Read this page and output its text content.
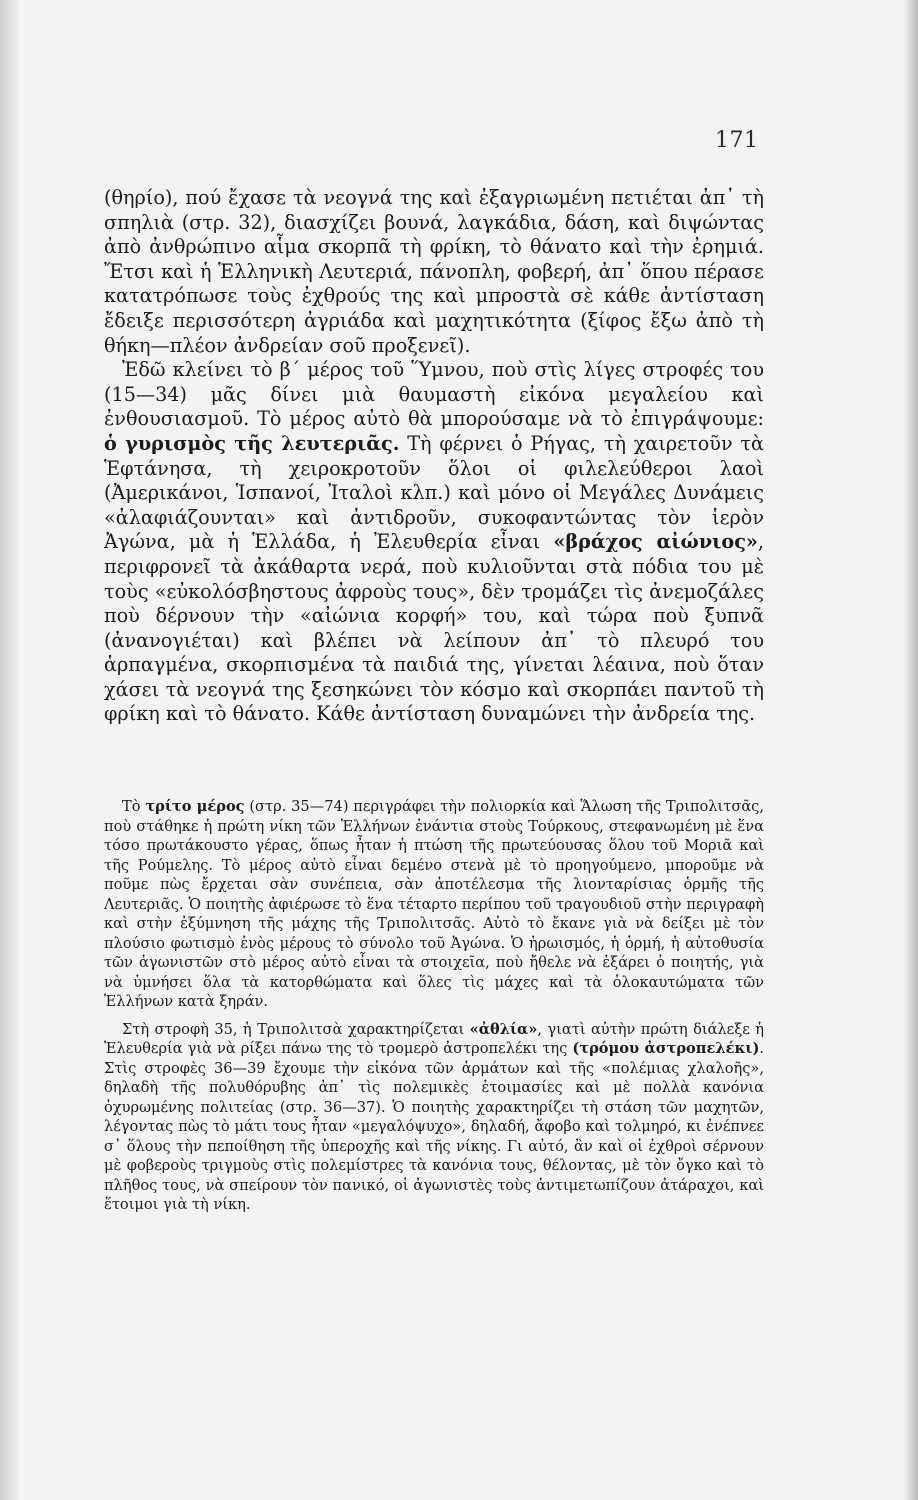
171

(θηρίο), πού ἔχασε τὰ νεογνά της καὶ ἐξαγριωμένη πετιέται ἀπ᾽ τὴ σπηλιὰ (στρ. 32), διασχίζει βουνά, λαγκάδια, δάση, καὶ διψώντας ἀπὸ ἀνθρώπινο αἷμα σκορπᾶ τὴ φρίκη, τὸ θάνατο καὶ τὴν ἐρημιά. Ἔτσι καὶ ἡ Ἑλληνικὴ Λευτεριά, πάνοπλη, φοβερή, ἀπ᾽ ὅπου πέρασε κατατρόπωσε τοὺς ἐχθρούς της καὶ μπροστὰ σὲ κάθε ἀντίσταση ἔδειξε περισσότερη ἀγριάδα καὶ μαχητικότητα (ξίφος ἔξω ἀπὸ τὴ θήκη—πλέον ἀνδρείαν σοῦ προξενεῖ).

Ἐδῶ κλείνει τὸ β΄ μέρος τοῦ Ὕμνου, ποὺ στὶς λίγες στροφές του (15—34) μᾶς δίνει μιὰ θαυμαστὴ εἰκόνα μεγαλείου καὶ ἐνθουσιασμοῦ. Τὸ μέρος αὐτὸ θὰ μπορούσαμε νὰ τὸ ἐπιγράψουμε: ὁ γυρισμὸς τῆς λευτεριᾶς. Τὴ φέρνει ὁ Ρήγας, τὴ χαιρετοῦν τὰ Ἑφτάνησα, τὴ χειροκροτοῦν ὅλοι οἱ φιλελεύθεροι λαοὶ (Ἀμερικάνοι, Ἱσπανοί, Ἰταλοὶ κλπ.) καὶ μόνο οἱ Μεγάλες Δυνάμεις «ἀλαφιάζουνται» καὶ ἀντιδροῦν, συκοφαντώντας τὸν ἱερὸν Ἀγώνα, μὰ ἡ Ἑλλάδα, ἡ Ἐλευθερία εἶναι «βράχος αἰώνιος», περιφρονεῖ τὰ ἀκάθαρτα νερά, ποὺ κυλιοῦνται στὰ πόδια του μὲ τοὺς «εὐκολόσβηστους ἀφροὺς τους», δὲν τρομάζει τὶς ἀνεμοζάλες ποὺ δέρνουν τὴν «αἰώνια κορφή» του, καὶ τώρα ποὺ ξυπνᾶ (ἀνανογιέται) καὶ βλέπει νὰ λείπουν ἀπ᾽ τὸ πλευρό του ἁρπαγμένα, σκορπισμένα τὰ παιδιά της, γίνεται λέαινα, ποὺ ὅταν χάσει τὰ νεογνά της ξεσηκώνει τὸν κόσμο καὶ σκορπάει παντοῦ τὴ φρίκη καὶ τὸ θάνατο. Κάθε ἀντίσταση δυναμώνει τὴν ἀνδρεία της.

Τὸ τρίτο μέρος (στρ. 35—74) περιγράφει τὴν πολιορκία καὶ Ἅλωση τῆς Τριπολιτσᾶς, ποὺ στάθηκε ἡ πρώτη νίκη τῶν Ἑλλήνων ἐνάντια στοὺς Τούρκους, στεφανωμένη μὲ ἕνα τόσο πρωτάκουστο γέρας, ὅπως ἦταν ἡ πτώση τῆς πρωτεύουσας ὅλου τοῦ Μοριᾶ καὶ τῆς Ρούμελης. Τὸ μέρος αὐτὸ εἶναι δεμένο στενὰ μὲ τὸ προηγούμενο, μποροῦμε νὰ ποῦμε πὼς ἔρχεται σὰν συνέπεια, σὰν ἀποτέλεσμα τῆς λιονταρίσιας ὁρμῆς τῆς Λευτεριᾶς. Ὁ ποιητὴς ἀφιέρωσε τὸ ἕνα τέταρτο περίπου τοῦ τραγουδιοῦ στὴν περιγραφὴ καὶ στὴν ἐξύμνηση τῆς μάχης τῆς Τριπολιτσᾶς. Αὐτὸ τὸ ἔκανε γιὰ νὰ δείξει μὲ τὸν πλούσιο φωτισμὸ ἑνὸς μέρους τὸ σύνολο τοῦ Ἀγώνα. Ὁ ἡρωισμός, ἡ ὁρμή, ἡ αὐτοθυσία τῶν ἀγωνιστῶν στὸ μέρος αὐτὸ εἶναι τὰ στοιχεῖα, ποὺ ἤθελε νὰ ἐξάρει ὁ ποιητής, γιὰ νὰ ὑμνήσει ὅλα τὰ κατορθώματα καὶ ὅλες τὶς μάχες καὶ τὰ ὁλοκαυτώματα τῶν Ἑλλήνων κατὰ ξηράν.

Στὴ στροφὴ 35, ἡ Τριπολιτσὰ χαρακτηρίζεται «ἀθλία», γιατὶ αὐτὴν πρώτη διάλεξε ἡ Ἐλευθερία γιὰ νὰ ρίξει πάνω της τὸ τρομερὸ ἀστροπελέκι της (τρόμου ἀστροπελέκι). Στὶς στροφὲς 36—39 ἔχουμε τὴν εἰκόνα τῶν ἁρμάτων καὶ τῆς «πολέμιας χλαλοῆς», δηλαδὴ τῆς πολυθόρυβης ἀπ᾽ τὶς πολεμικὲς ἑτοιμασίες καὶ μὲ πολλὰ κανόνια ὀχυρωμένης πολιτείας (στρ. 36—37). Ὁ ποιητὴς χαρακτηρίζει τὴ στάση τῶν μαχητῶν, λέγοντας πὼς τὸ μάτι τους ἦταν «μεγαλόψυχο», δηλαδή, ἄφοβο καὶ τολμηρό, κι ἐνέπνεε σ᾽ ὅλους τὴν πεποίθηση τῆς ὑπεροχῆς καὶ τῆς νίκης. Γι αὐτό, ἂν καὶ οἱ ἐχθροὶ σέρνουν μὲ φοβεροὺς τριγμοὺς στὶς πολεμίστρες τὰ κανόνια τους, θέλοντας, μὲ τὸν ὄγκο καὶ τὸ πλῆθος τους, νὰ σπείρουν τὸν πανικό, οἱ ἀγωνιστὲς τοὺς ἀντιμετωπίζουν ἀτάραχοι, καὶ ἕτοιμοι γιὰ τὴ νίκη.
